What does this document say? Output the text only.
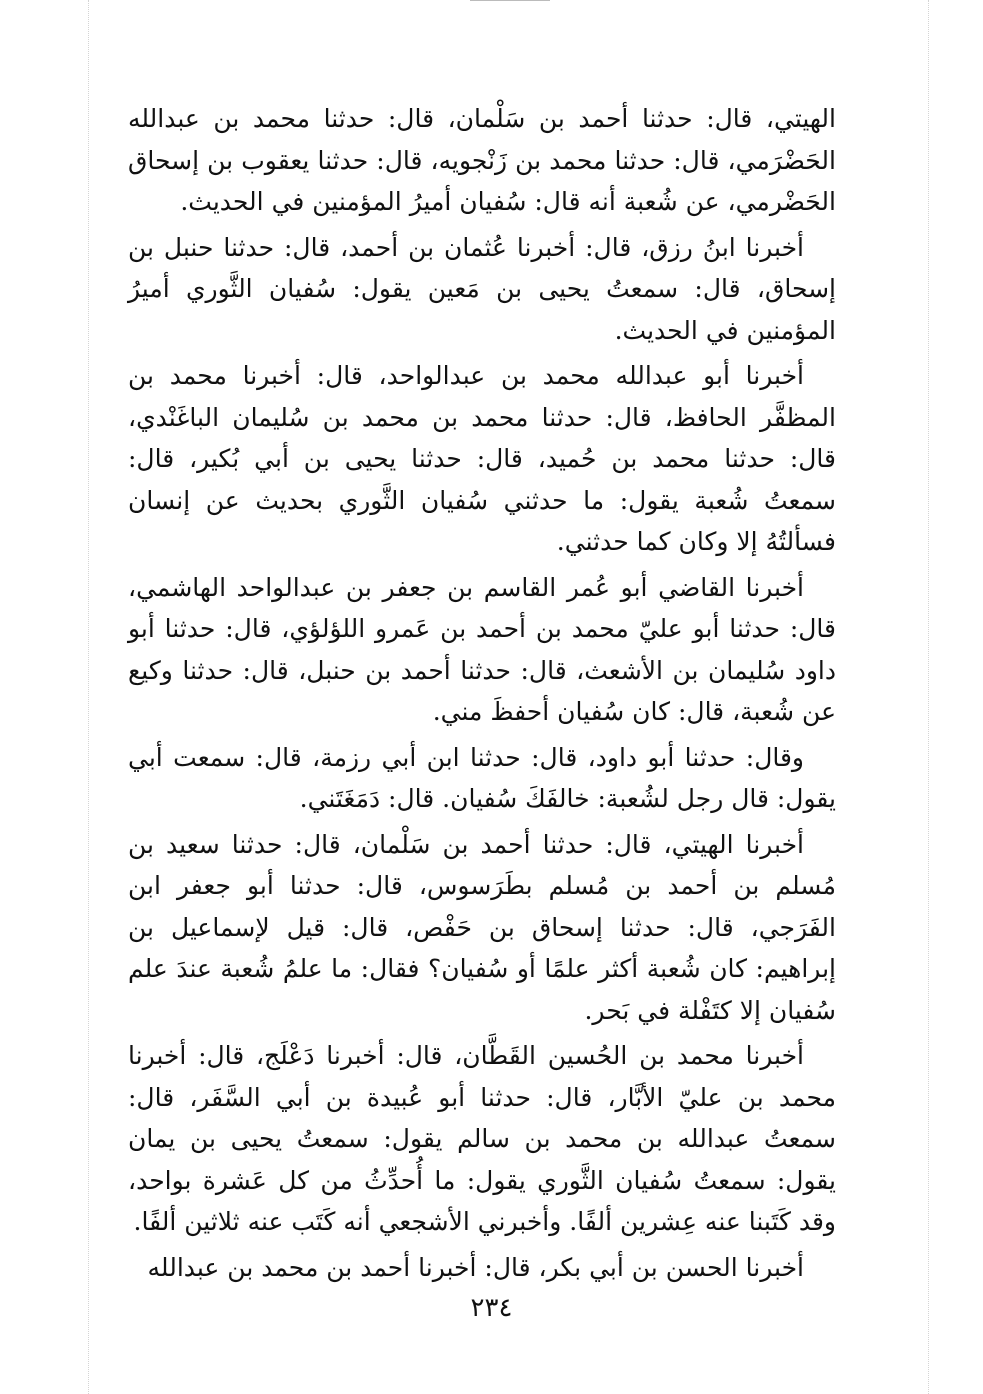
الهيتي، قال: حدثنا أحمد بن سَلْمان، قال: حدثنا محمد بن عبدالله الحَضْرَمي، قال: حدثنا محمد بن زَنْجويه، قال: حدثنا يعقوب بن إسحاق الحَضْرمي، عن شُعبة أنه قال: سُفيان أميرُ المؤمنين في الحديث.

أخبرنا ابنُ رزق، قال: أخبرنا عُثمان بن أحمد، قال: حدثنا حنبل بن إسحاق، قال: سمعتُ يحيى بن مَعين يقول: سُفيان الثَّوري أميرُ المؤمنين في الحديث.

أخبرنا أبو عبدالله محمد بن عبدالواحد، قال: أخبرنا محمد بن المظفَّر الحافظ، قال: حدثنا محمد بن محمد بن سُليمان الباغَنْدي، قال: حدثنا محمد بن حُميد، قال: حدثنا يحيى بن أبي بُكير، قال: سمعتُ شُعبة يقول: ما حدثني سُفيان الثَّوري بحديث عن إنسان فسألتُهُ إلا وكان كما حدثني.

أخبرنا القاضي أبو عُمر القاسم بن جعفر بن عبدالواحد الهاشمي، قال: حدثنا أبو عليّ محمد بن أحمد بن عَمرو اللؤلؤي، قال: حدثنا أبو داود سُليمان بن الأشعث، قال: حدثنا أحمد بن حنبل، قال: حدثنا وكيع عن شُعبة، قال: كان سُفيان أحفظَ مني.

وقال: حدثنا أبو داود، قال: حدثنا ابن أبي رزمة، قال: سمعت أبي يقول: قال رجل لشُعبة: خالفَكَ سُفيان. قال: دَمَغَتَني.

أخبرنا الهيتي، قال: حدثنا أحمد بن سَلْمان، قال: حدثنا سعيد بن مُسلم بن أحمد بن مُسلم بطَرَسوس، قال: حدثنا أبو جعفر ابن الفَرَجي، قال: حدثنا إسحاق بن حَفْص، قال: قيل لإسماعيل بن إبراهيم: كان شُعبة أكثر علمًا أو سُفيان؟ فقال: ما علمُ شُعبة عندَ علم سُفيان إلا كتَفْلة في بَحر.

أخبرنا محمد بن الحُسين القَطَّان، قال: أخبرنا دَعْلَج، قال: أخبرنا محمد بن عليّ الأبَّار، قال: حدثنا أبو عُبيدة بن أبي السَّفَر، قال: سمعتُ عبدالله بن محمد بن سالم يقول: سمعتُ يحيى بن يمان يقول: سمعتُ سُفيان الثَّوري يقول: ما أُحدِّثُ من كل عَشرة بواحد، وقد كَتَبنا عنه عِشرين ألفًا. وأخبرني الأشجعي أنه كَتَب عنه ثلاثين ألفًا.

أخبرنا الحسن بن أبي بكر، قال: أخبرنا أحمد بن محمد بن عبدالله

٢٣٤
